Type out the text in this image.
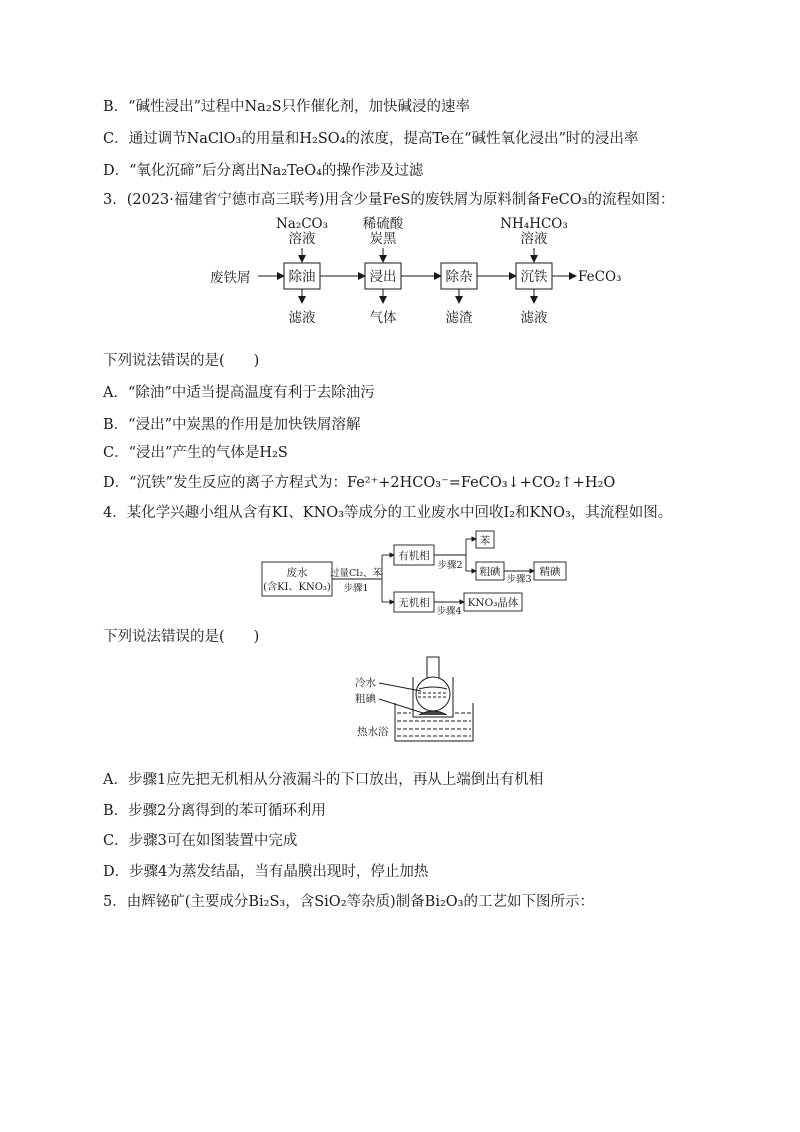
B．“碱性浸出”过程中Na₂S只作催化剂，加快碱浸的速率
C．通过调节NaClO₃的用量和H₂SO₄的浓度，提高Te在“碱性氧化浸出”时的浸出率
D．“氧化沉碲”后分离出Na₂TeO₄的操作涉及过滤
3．(2023·福建省宁德市高三联考)用含少量FeS的废铁屑为原料制备FeCO₃的流程如图：
Na₂CO₃
溶液
稀硫酸
炭黑
NH₄HCO₃
溶液
废铁屑	除油	浸出	除杂	沉铁 FeCO₃
滤液	气体	滤渣	滤液
下列说法错误的是(　　)
A．“除油”中适当提高温度有利于去除油污
B．“浸出”中炭黑的作用是加快铁屑溶解
C．“浸出”产生的气体是H₂S
D．“沉铁”发生反应的离子方程式为：Fe²⁺+2HCO₃⁻=FeCO₃↓+CO₂↑+H₂O
4．某化学兴趣小组从含有KI、KNO₃等成分的工业废水中回收I₂和KNO₃，其流程如图。
废水
(含KI、KNO₃)
过量Cl₂、苯
步骤1
有机相
无机相
步骤2
苯
粗碘
步骤3
精碘
步骤4
KNO₃晶体
下列说法错误的是(　　)
冷水
粗碘
热水浴
A．步骤1应先把无机相从分液漏斗的下口放出，再从上端倒出有机相
B．步骤2分离得到的苯可循环利用
C．步骤3可在如图装置中完成
D．步骤4为蒸发结晶，当有晶膜出现时，停止加热
5．由辉铋矿(主要成分Bi₂S₃，含SiO₂等杂质)制备Bi₂O₃的工艺如下图所示：
